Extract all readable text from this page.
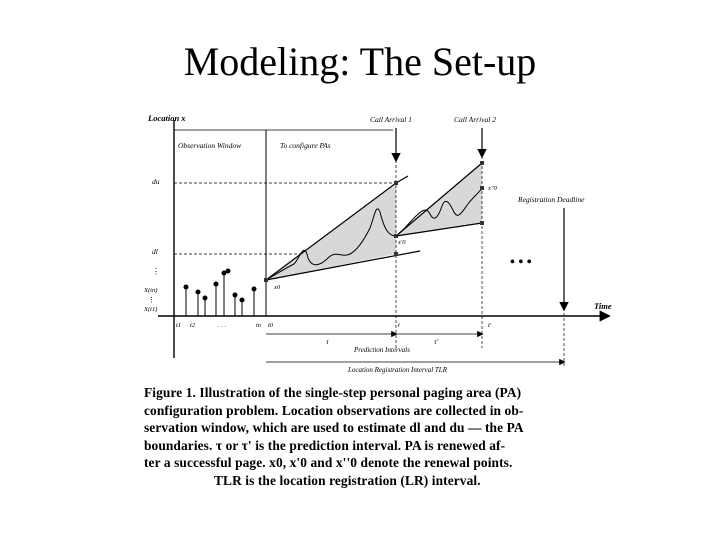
Modeling: The Set-up
Location x
Time
Observation Window	To configure PAs
Call Arrival 1	Call Arrival 2
du
dl
⋮
X(tn)
X(t1)
⋮
x0
x'0
x''0
Registration Deadline
• • •
t1 t2	. . .	tn t0	t	t'
τ	τ'
Prediction Intervals
Location Registration Interval TLR
Figure 1. Illustration of the single-step personal paging area (PA)
configuration problem. Location observations are collected in ob-
servation window, which are used to estimate dl and du — the PA
boundaries. τ or τ' is the prediction interval. PA is renewed af-
ter a successful page. x0, x'0 and x''0 denote the renewal points.
TLR is the location registration (LR) interval.
